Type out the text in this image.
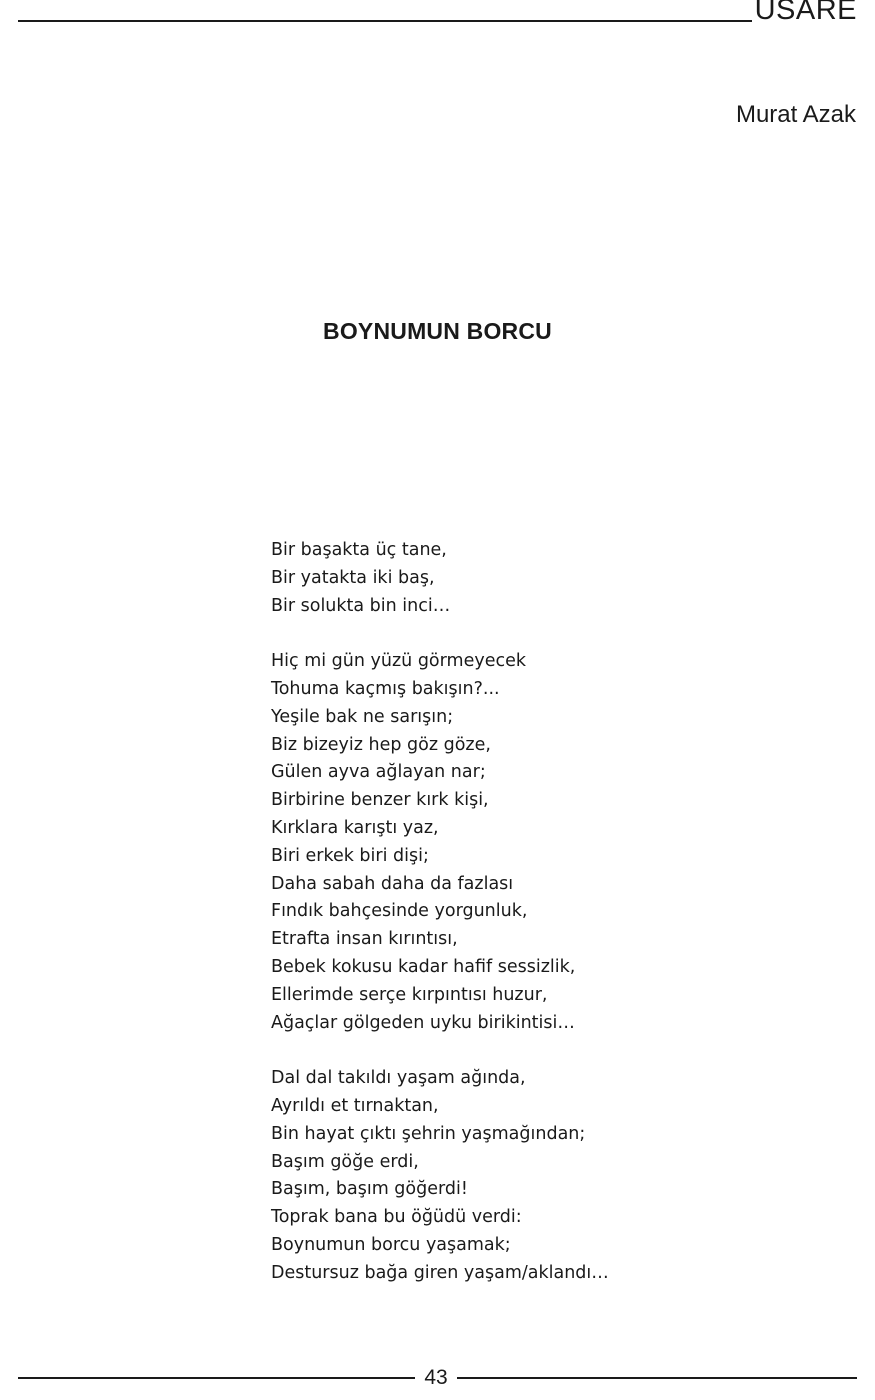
USARE
Murat Azak
BOYNUMUN BORCU
Bir başakta üç tane,
Bir yatakta iki baş,
Bir solukta bin inci…
Hiç mi gün yüzü görmeyecek
Tohuma kaçmış bakışın?...
Yeşile bak ne sarışın;
Biz bizeyiz hep göz göze,
Gülen ayva ağlayan nar;
Birbirine benzer kırk kişi,
Kırklara karıştı yaz,
Biri erkek biri dişi;
Daha sabah daha da fazlası
Fındık bahçesinde yorgunluk,
Etrafta insan kırıntısı,
Bebek kokusu kadar hafif sessizlik,
Ellerimde serçe kırpıntısı huzur,
Ağaçlar gölgeden uyku birikintisi…
Dal dal takıldı yaşam ağında,
Ayrıldı et tırnaktan,
Bin hayat çıktı şehrin yaşmağından;
Başım göğe erdi,
Başım, başım göğerdi!
Toprak bana bu öğüdü verdi:
Boynumun borcu yaşamak;
Destursuz bağa giren yaşam/aklandı…
43
